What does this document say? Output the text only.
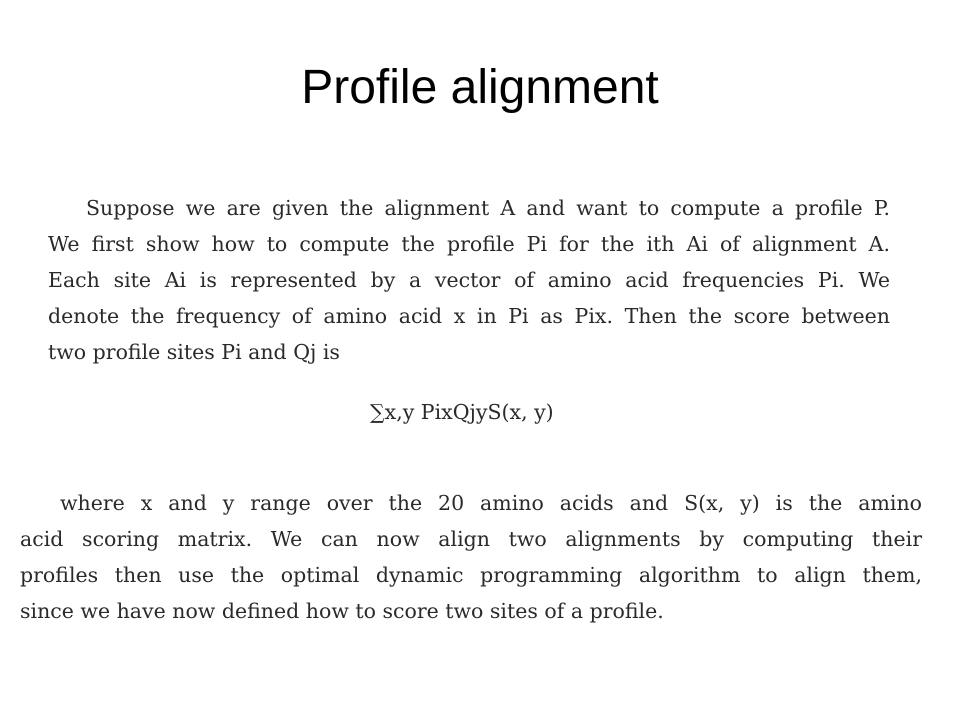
Profile alignment
Suppose we are given the alignment A and want to compute a profile P.
We first show how to compute the profile Pi for the ith Ai of alignment A.
Each site Ai is represented by a vector of amino acid frequencies Pi. We
denote the frequency of amino acid x in Pi as Pix. Then the score between
two profile sites Pi and Qj is
∑x,y PixQjyS(x, y)
where x and y range over the 20 amino acids and S(x, y) is the amino
acid scoring matrix. We can now align two alignments by computing their
profiles then use the optimal dynamic programming algorithm to align them,
since we have now defined how to score two sites of a profile.
